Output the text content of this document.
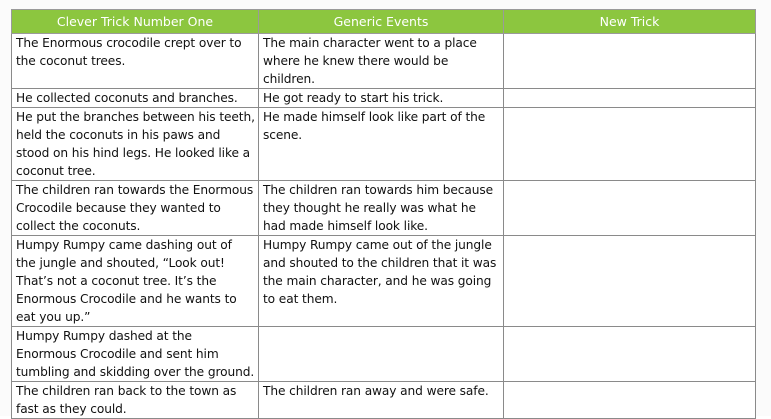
Clever Trick Number One	Generic Events	New Trick
The Enormous crocodile crept over to the coconut trees.	The main character went to a place where he knew there would be children.	
He collected coconuts and branches.	He got ready to start his trick.	
He put the branches between his teeth, held the coconuts in his paws and stood on his hind legs. He looked like a coconut tree.	He made himself look like part of the scene.	
The children ran towards the Enormous Crocodile because they wanted to collect the coconuts.	The children ran towards him because they thought he really was what he had made himself look like.	
Humpy Rumpy came dashing out of the jungle and shouted, “Look out! That’s not a coconut tree. It’s the Enormous Crocodile and he wants to eat you up.”	Humpy Rumpy came out of the jungle and shouted to the children that it was the main character, and he was going to eat them.	
Humpy Rumpy dashed at the Enormous Crocodile and sent him tumbling and skidding over the ground.		
The children ran back to the town as fast as they could.	The children ran away and were safe.	
